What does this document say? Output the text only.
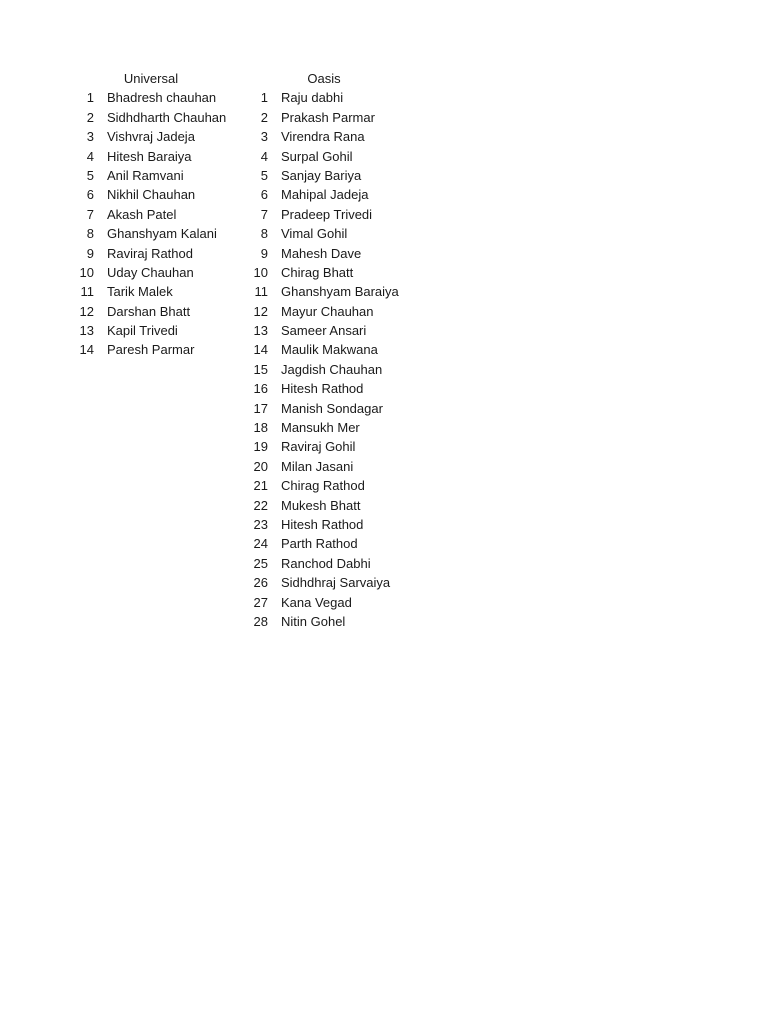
Universal
1	Bhadresh chauhan
2	Sidhdharth Chauhan
3	Vishvraj Jadeja
4	Hitesh Baraiya
5	Anil Ramvani
6	Nikhil Chauhan
7	Akash Patel
8	Ghanshyam Kalani
9	Raviraj Rathod
10	Uday Chauhan
11	Tarik Malek
12	Darshan Bhatt
13	Kapil Trivedi
14	Paresh Parmar
Oasis
1	Raju dabhi
2	Prakash Parmar
3	Virendra Rana
4	Surpal Gohil
5	Sanjay Bariya
6	Mahipal Jadeja
7	Pradeep Trivedi
8	Vimal Gohil
9	Mahesh Dave
10	Chirag Bhatt
11	Ghanshyam Baraiya
12	Mayur Chauhan
13	Sameer Ansari
14	Maulik Makwana
15	Jagdish Chauhan
16	Hitesh Rathod
17	Manish Sondagar
18	Mansukh Mer
19	Raviraj Gohil
20	Milan Jasani
21	Chirag Rathod
22	Mukesh Bhatt
23	Hitesh Rathod
24	Parth Rathod
25	Ranchod Dabhi
26	Sidhdhraj Sarvaiya
27	Kana Vegad
28	Nitin Gohel
